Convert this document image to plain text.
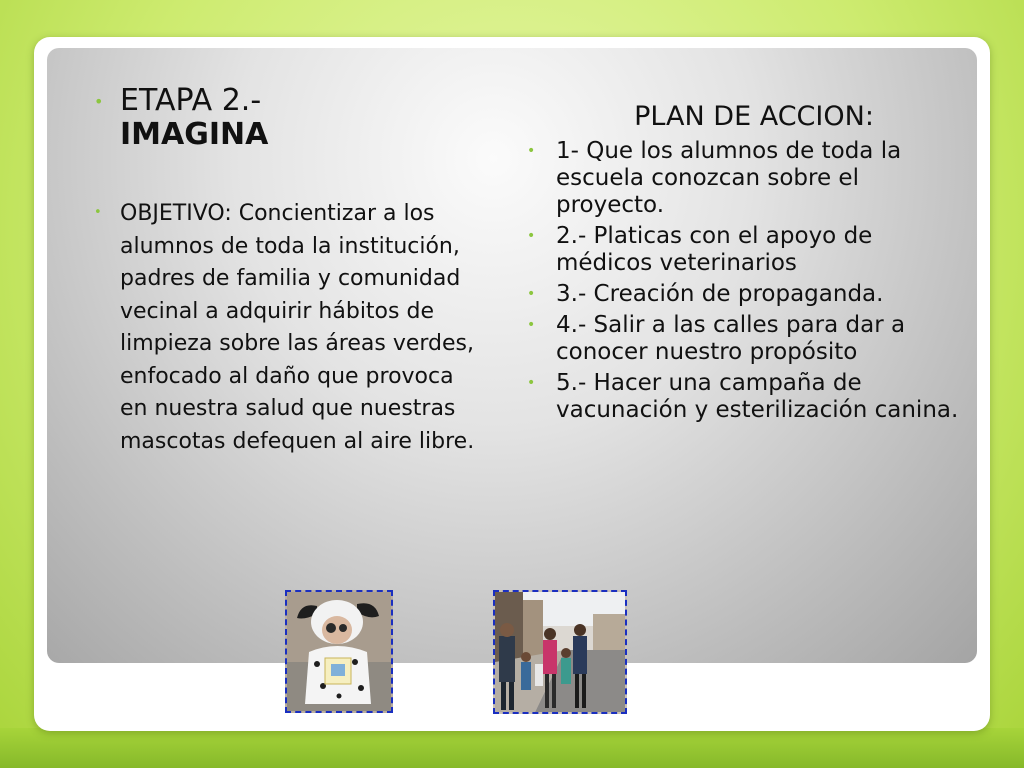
• ETAPA 2.-
IMAGINA
• OBJETIVO: Concientizar a los alumnos de toda la institución, padres de familia y comunidad vecinal a adquirir hábitos de limpieza sobre las áreas verdes, enfocado al daño que provoca en nuestra salud que nuestras mascotas defequen al aire libre.
PLAN DE ACCION:
• 1- Que los alumnos de toda la escuela conozcan sobre el proyecto.
• 2.- Platicas con el apoyo de médicos veterinarios
• 3.- Creación de propaganda.
• 4.- Salir a las calles para dar a conocer nuestro propósito
• 5.- Hacer una campaña de vacunación y esterilización canina.
